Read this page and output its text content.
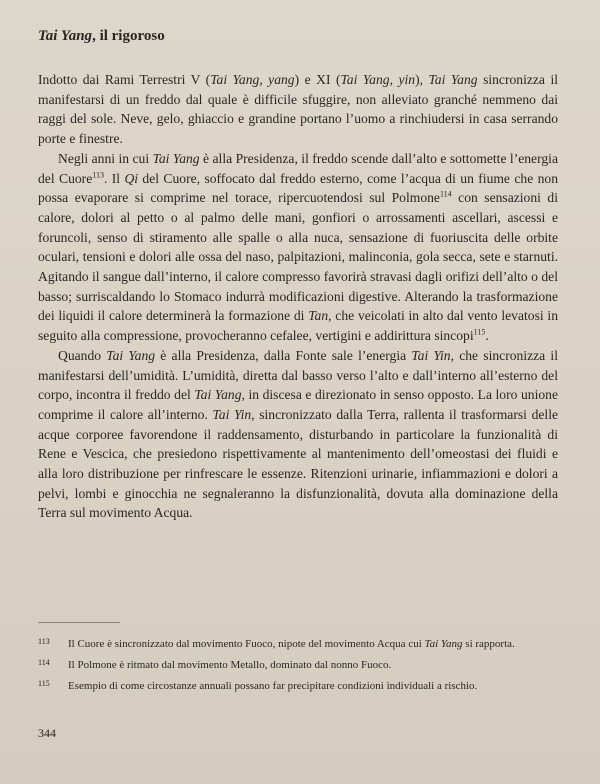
Tai Yang, il rigoroso

Indotto dai Rami Terrestri V (Tai Yang, yang) e XI (Tai Yang, yin), Tai Yang sincronizza il manifestarsi di un freddo dal quale è difficile sfuggire, non alleviato granché nemmeno dai raggi del sole. Neve, gelo, ghiaccio e grandine portano l’uomo a rinchiudersi in casa serrando porte e finestre.

Negli anni in cui Tai Yang è alla Presidenza, il freddo scende dall’alto e sottomette l’energia del Cuore$^{113}$. Il Qi del Cuore, soffocato dal freddo esterno, come l’acqua di un fiume che non possa evaporare si comprime nel torace, ripercuotendosi sul Polmone$^{114}$ con sensazioni di calore, dolori al petto o al palmo delle mani, gonfiori o arrossamenti ascellari, ascessi e foruncoli, senso di stiramento alle spalle o alla nuca, sensazione di fuoriuscita delle orbite oculari, tensioni e dolori alle ossa del naso, palpitazioni, malinconia, gola secca, sete e starnuti. Agitando il sangue dall’interno, il calore compresso favorirà stravasi dagli orifizi dell’alto o del basso; surriscaldando lo Stomaco indurrà modificazioni digestive. Alterando la trasformazione dei liquidi il calore determinerà la formazione di Tan, che veicolati in alto dal vento levatosi in seguito alla compressione, provocheranno cefalee, vertigini e addirittura sincopi$^{115}$.

Quando Tai Yang è alla Presidenza, dalla Fonte sale l’energia Tai Yin, che sincronizza il manifestarsi dell’umidità. L’umidità, diretta dal basso verso l’alto e dall’interno all’esterno del corpo, incontra il freddo del Tai Yang, in discesa e direzionato in senso opposto. La loro unione comprime il calore all’interno. Tai Yin, sincronizzato dalla Terra, rallenta il trasformarsi delle acque corporee favorendone il raddensamento, disturbando in particolare la funzionalità di Rene e Vescica, che presiedono rispettivamente al mantenimento dell’omeostasi dei fluidi e alla loro distribuzione per rinfrescare le essenze. Ritenzioni urinarie, infiammazioni e dolori a pelvi, lombi e ginocchia ne segnaleranno la disfunzionalità, dovuta alla dominazione della Terra sul movimento Acqua.

113	Il Cuore è sincronizzato dal movimento Fuoco, nipote del movimento Acqua cui Tai Yang si rapporta.
114	Il Polmone è ritmato dal movimento Metallo, dominato dal nonno Fuoco.
115	Esempio di come circostanze annuali possano far precipitare condizioni individuali a rischio.
344
